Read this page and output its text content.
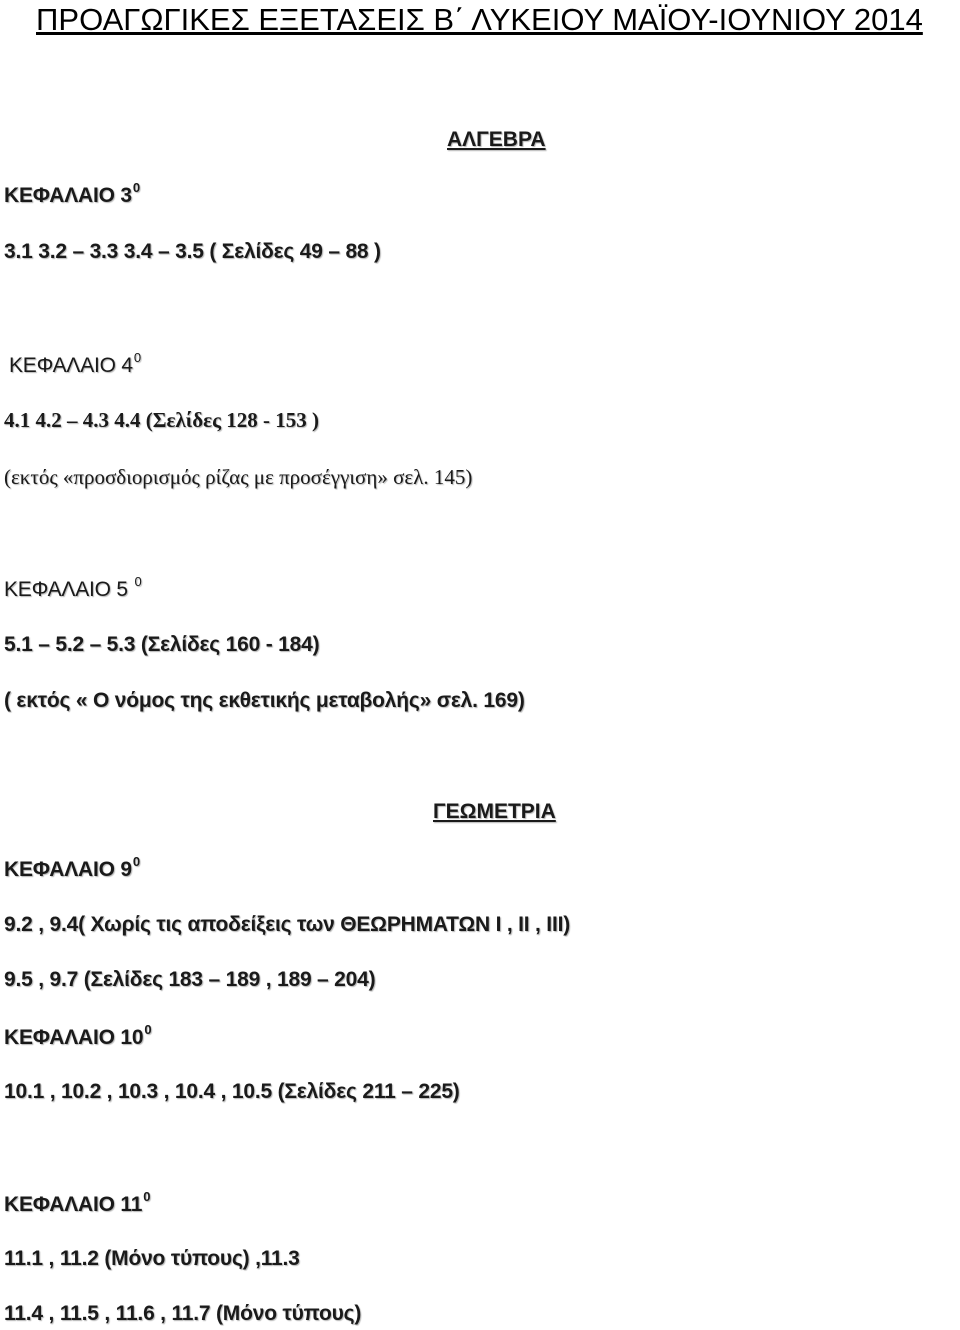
ΠΡΟΑΓΩΓΙΚΕΣ ΕΞΕΤΑΣΕΙΣ Β΄ ΛΥΚΕΙΟΥ ΜΑΪΟΥ-ΙΟΥΝΙΟΥ 2014
ΑΛΓΕΒΡΑ
ΚΕΦΑΛΑΙΟ $3^0$
3.1 3.2 – 3.3 3.4 – 3.5 ( Σελίδες 49 – 88 )
ΚΕΦΑΛΑΙΟ $4^0$
4.1 4.2 – 4.3 4.4 (Σελίδες 128 - 153 )
(εκτός «προσδιορισμός ρίζας με προσέγγιση» σελ. 145)
ΚΕΦΑΛΑΙΟ 5 $^0$
5.1 – 5.2 – 5.3 (Σελίδες 160 - 184)
( εκτός « Ο νόμος της εκθετικής μεταβολής» σελ. 169)
ΓΕΩΜΕΤΡΙΑ
ΚΕΦΑΛΑΙΟ $9^0$
9.2 , 9.4( Χωρίς τις αποδείξεις των ΘΕΩΡΗΜΑΤΩΝ Ι , ΙΙ , ΙΙΙ)
9.5 , 9.7 (Σελίδες 183 – 189 , 189 – 204)
ΚΕΦΑΛΑΙΟ $10^0$
10.1 , 10.2 , 10.3 , 10.4 , 10.5 (Σελίδες 211 – 225)
ΚΕΦΑΛΑΙΟ $11^0$
11.1 , 11.2 (Μόνο τύπους) ,11.3
11.4 , 11.5 , 11.6 , 11.7 (Μόνο τύπους)
